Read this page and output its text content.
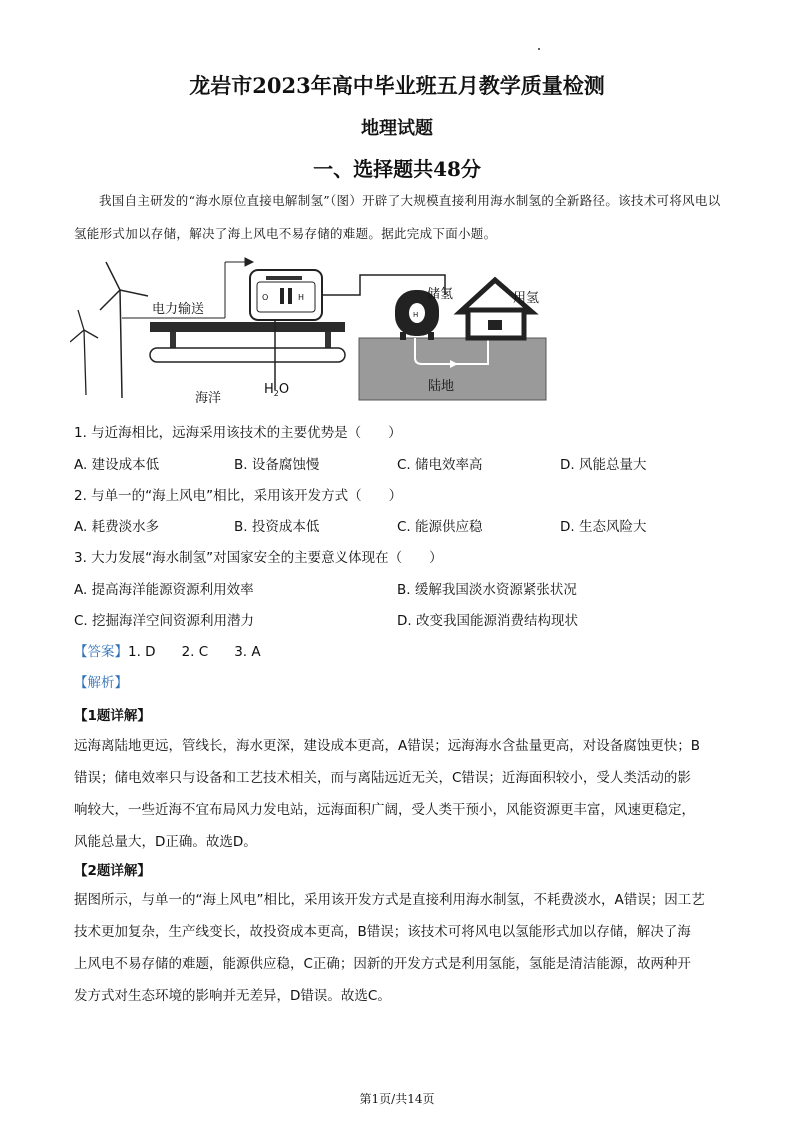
龙岩市2023年高中毕业班五月教学质量检测
地理试题
一、选择题共48分
我国自主研发的“海水原位直接电解制氢”（图）开辟了大规模直接利用海水制氢的全新路径。该技术可将风电以氢能形式加以存储，解决了海上风电不易存储的难题。据此完成下面小题。
电力输送
O	H
陆地
H
储氢	用氢
海洋
$H_2O$
1. 与近海相比，远海采用该技术的主要优势是（　　）
A. 建设成本低	B. 设备腐蚀慢	C. 储电效率高	D. 风能总量大
2. 与单一的“海上风电”相比，采用该开发方式（　　）
A. 耗费淡水多	B. 投资成本低	C. 能源供应稳	D. 生态风险大
3. 大力发展“海水制氢”对国家安全的主要意义体现在（　　）
A. 提高海洋能源资源利用效率	B. 缓解我国淡水资源紧张状况
C. 挖掘海洋空间资源利用潜力	D. 改变我国能源消费结构现状
【答案】1. D 2. C 3. A
【解析】
【1题详解】
远海离陆地更远，管线长，海水更深，建设成本更高，A错误；远海海水含盐量更高，对设备腐蚀更快；B
错误；储电效率只与设备和工艺技术相关，而与离陆远近无关，C错误；近海面积较小，受人类活动的影
响较大，一些近海不宜布局风力发电站，远海面积广阔，受人类干预小，风能资源更丰富，风速更稳定，
风能总量大，D正确。故选D。
【2题详解】
据图所示，与单一的“海上风电”相比，采用该开发方式是直接利用海水制氢，不耗费淡水，A错误；因工艺
技术更加复杂，生产线变长，故投资成本更高，B错误；该技术可将风电以氢能形式加以存储，解决了海
上风电不易存储的难题，能源供应稳，C正确；因新的开发方式是利用氢能，氢能是清洁能源，故两种开
发方式对生态环境的影响并无差异，D错误。故选C。
第1页/共14页
